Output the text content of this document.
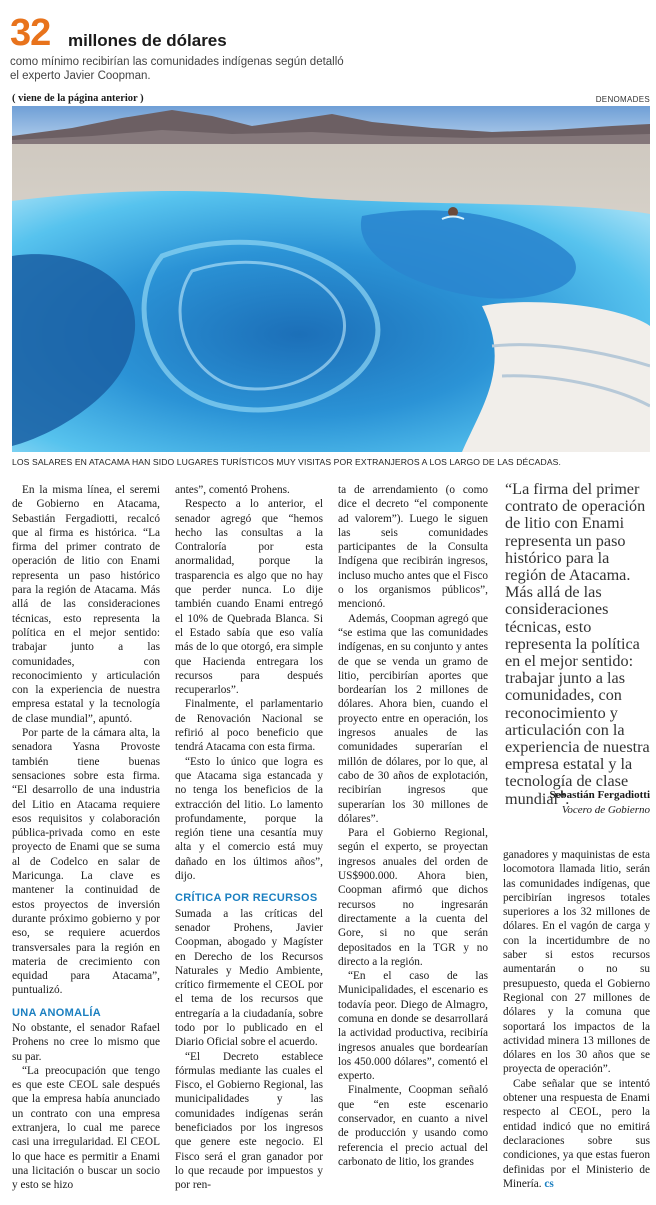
32 millones de dólares
como mínimo recibirían las comunidades indígenas según detalló el experto Javier Coopman.
( viene de la página anterior )	DENOMADES
LOS SALARES EN ATACAMA HAN SIDO LUGARES TURÍSTICOS MUY VISITAS POR EXTRANJEROS A LOS LARGO DE LAS DÉCADAS.

En la misma línea, el seremi de Gobierno en Atacama, Sebastián Fergadiotti, recalcó que al firma es histórica. “La firma del primer contrato de operación de litio con Enami representa un paso histórico para la región de Atacama. Más allá de las consideraciones técnicas, esto representa la política en el mejor sentido: trabajar junto a las comunidades, con reconocimiento y articulación con la experiencia de nuestra empresa estatal y la tecnología de clase mundial”, apuntó.

Por parte de la cámara alta, la senadora Yasna Provoste también tiene buenas sensaciones sobre esta firma. “El desarrollo de una industria del Litio en Atacama requiere esos requisitos y colaboración pública-privada como en este proyecto de Enami que se suma al de Codelco en salar de Maricunga. La clave es mantener la continuidad de estos proyectos de inversión durante próximo gobierno y por eso, se requiere acuerdos transversales para la región en materia de crecimiento con equidad para Atacama”, puntualizó.

UNA ANOMALÍA

No obstante, el senador Rafael Prohens no cree lo mismo que su par.

“La preocupación que tengo es que este CEOL sale después que la empresa había anunciado un contrato con una empresa extranjera, lo cual me parece casi una irregularidad. El CEOL lo que hace es permitir a Enami una licitación o buscar un socio y esto se hizo

antes”, comentó Prohens.

Respecto a lo anterior, el senador agregó que “hemos hecho las consultas a la Contraloría por esta anormalidad, porque la trasparencia es algo que no hay que perder nunca. Lo dije también cuando Enami entregó el 10% de Quebrada Blanca. Si el Estado sabía que eso valía más de lo que otorgó, era simple que Hacienda entregara los recursos para después recuperarlos”.

Finalmente, el parlamentario de Renovación Nacional se refirió al poco beneficio que tendrá Atacama con esta firma.

“Esto lo único que logra es que Atacama siga estancada y no tenga los beneficios de la extracción del litio. Lo lamento profundamente, porque la región tiene una cesantía muy alta y el comercio está muy dañado en los últimos años”, dijo.

CRÍTICA POR RECURSOS

Sumada a las críticas del senador Prohens, Javier Coopman, abogado y Magíster en Derecho de los Recursos Naturales y Medio Ambiente, crítico firmemente el CEOL por el tema de los recursos que entregaría a la ciudadanía, sobre todo por lo publicado en el Diario Oficial sobre el acuerdo.

“El Decreto establece fórmulas mediante las cuales el Fisco, el Gobierno Regional, las municipalidades y las comunidades indígenas serán beneficiados por los ingresos que genere este negocio. El Fisco será el gran ganador por lo que recaude por impuestos y por ren-

ta de arrendamiento (o como dice el decreto “el componente ad valorem”). Luego le siguen las seis comunidades participantes de la Consulta Indígena que recibirán ingresos, incluso mucho antes que el Fisco o los organismos públicos”, mencionó.

Además, Coopman agregó que “se estima que las comunidades indígenas, en su conjunto y antes de que se venda un gramo de litio, percibirían aportes que bordearían los 2 millones de dólares. Ahora bien, cuando el proyecto entre en operación, los ingresos anuales de las comunidades superarían el millón de dólares, por lo que, al cabo de 30 años de explotación, recibirían ingresos que superarían los 30 millones de dólares”.

Para el Gobierno Regional, según el experto, se proyectan ingresos anuales del orden de US$900.000. Ahora bien, Coopman afirmó que dichos recursos no ingresarán directamente a la cuenta del Gore, si no que serán depositados en la TGR y no directo a la región.

“En el caso de las Municipalidades, el escenario es todavía peor. Diego de Almagro, comuna en donde se desarrollará la actividad productiva, recibiría ingresos anuales que bordearían los 450.000 dólares”, comentó el experto.

Finalmente, Coopman señaló que “en este escenario conservador, en cuanto a nivel de producción y usando como referencia el precio actual del carbonato de litio, los grandes

“La firma del primer contrato de operación de litio con Enami representa un paso histórico para la región de Atacama. Más allá de las consideraciones técnicas, esto representa la política en el mejor sentido: trabajar junto a las comunidades, con reconocimiento y articulación con la experiencia de nuestra empresa estatal y la tecnología de clase mundial”.
Sebastián Fergadiotti
Vocero de Gobierno

ganadores y maquinistas de esta locomotora llamada litio, serán las comunidades indígenas, que percibirían ingresos totales superiores a los 32 millones de dólares. En el vagón de carga y con la incertidumbre de no saber si estos recursos aumentarán o no su presupuesto, queda el Gobierno Regional con 27 millones de dólares y la comuna que soportará los impactos de la actividad minera 13 millones de dólares en los 30 años que se proyecta de operación”.

Cabe señalar que se intentó obtener una respuesta de Enami respecto al CEOL, pero la entidad indicó que no emitirá declaraciones sobre sus condiciones, ya que estas fueron definidas por el Ministerio de Minería. cs
